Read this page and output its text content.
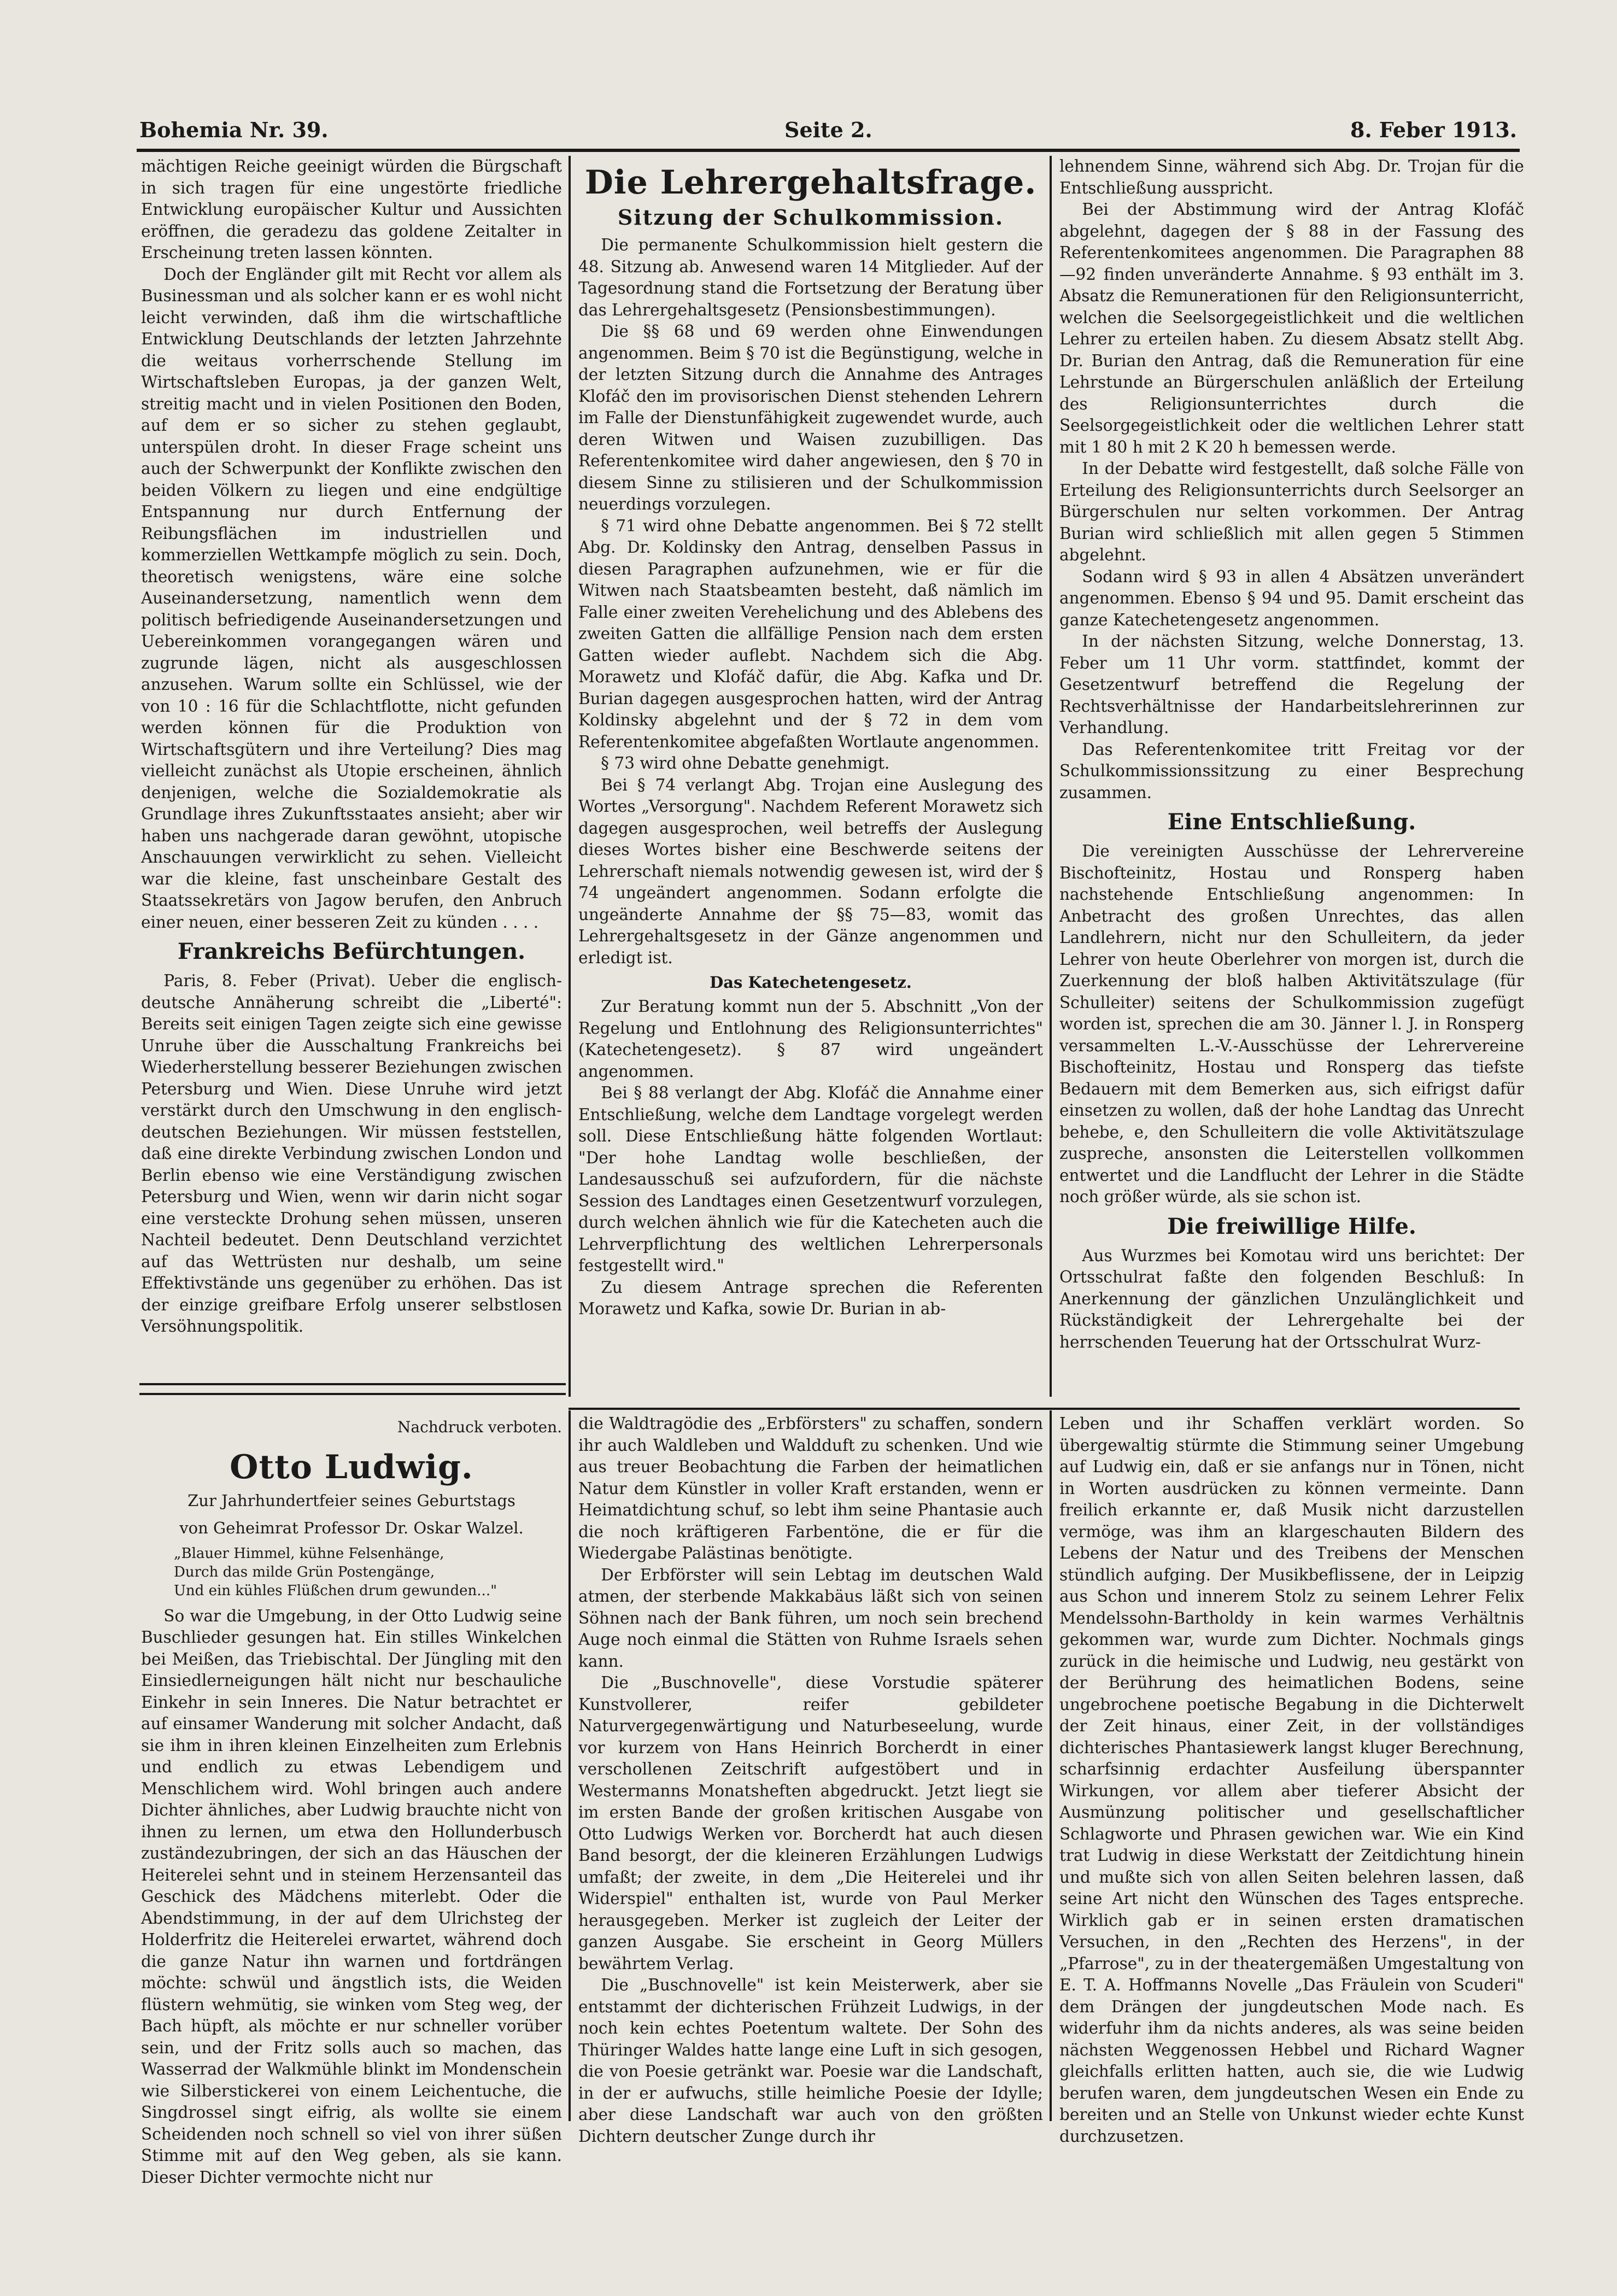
Bohemia Nr. 39.	Seite 2.	8. Feber 1913.

mächtigen Reiche geeinigt würden die Bürgschaft in sich tragen für eine ungestörte friedliche Entwicklung europäischer Kultur und Aussichten eröffnen, die geradezu das goldene Zeitalter in Erscheinung treten lassen könnten.

Doch der Engländer gilt mit Recht vor allem als Businessman und als solcher kann er es wohl nicht leicht verwinden, daß ihm die wirtschaftliche Entwicklung Deutschlands der letzten Jahrzehnte die weitaus vorherrschende Stellung im Wirtschaftsleben Europas, ja der ganzen Welt, streitig macht und in vielen Positionen den Boden, auf dem er so sicher zu stehen geglaubt, unterspülen droht. In dieser Frage scheint uns auch der Schwerpunkt der Konflikte zwischen den beiden Völkern zu liegen und eine endgültige Entspannung nur durch Entfernung der Reibungsflächen im industriellen und kommerziellen Wettkampfe möglich zu sein. Doch, theoretisch wenigstens, wäre eine solche Auseinandersetzung, namentlich wenn dem politisch befriedigende Auseinandersetzungen und Uebereinkommen vorangegangen wären und zugrunde lägen, nicht als ausgeschlossen anzusehen. Warum sollte ein Schlüssel, wie der von 10 : 16 für die Schlachtflotte, nicht gefunden werden können für die Produktion von Wirtschaftsgütern und ihre Verteilung? Dies mag vielleicht zunächst als Utopie erscheinen, ähnlich denjenigen, welche die Sozialdemokratie als Grundlage ihres Zukunftsstaates ansieht; aber wir haben uns nachgerade daran gewöhnt, utopische Anschauungen verwirklicht zu sehen. Vielleicht war die kleine, fast unscheinbare Gestalt des Staatssekretärs von Jagow berufen, den Anbruch einer neuen, einer besseren Zeit zu künden . . . .

Frankreichs Befürchtungen.

Paris, 8. Feber (Privat). Ueber die englisch-deutsche Annäherung schreibt die „Liberté": Bereits seit einigen Tagen zeigte sich eine gewisse Unruhe über die Ausschaltung Frankreichs bei Wiederherstellung besserer Beziehungen zwischen Petersburg und Wien. Diese Unruhe wird jetzt verstärkt durch den Umschwung in den englisch-deutschen Beziehungen. Wir müssen feststellen, daß eine direkte Verbindung zwischen London und Berlin ebenso wie eine Verständigung zwischen Petersburg und Wien, wenn wir darin nicht sogar eine versteckte Drohung sehen müssen, unseren Nachteil bedeutet. Denn Deutschland verzichtet auf das Wettrüsten nur deshalb, um seine Effektivstände uns gegenüber zu erhöhen. Das ist der einzige greifbare Erfolg unserer selbstlosen Versöhnungspolitik.

Die Lehrergehaltsfrage.
Sitzung der Schulkommission.

Die permanente Schulkommission hielt gestern die 48. Sitzung ab. Anwesend waren 14 Mitglieder. Auf der Tagesordnung stand die Fortsetzung der Beratung über das Lehrergehaltsgesetz (Pensionsbestimmungen).

Die §§ 68 und 69 werden ohne Einwendungen angenommen. Beim § 70 ist die Begünstigung, welche in der letzten Sitzung durch die Annahme des Antrages Klofáč den im provisorischen Dienst stehenden Lehrern im Falle der Dienstunfähigkeit zugewendet wurde, auch deren Witwen und Waisen zuzubilligen. Das Referentenkomitee wird daher angewiesen, den § 70 in diesem Sinne zu stilisieren und der Schulkommission neuerdings vorzulegen.

§ 71 wird ohne Debatte angenommen. Bei § 72 stellt Abg. Dr. Koldinsky den Antrag, denselben Passus in diesen Paragraphen aufzunehmen, wie er für die Witwen nach Staatsbeamten besteht, daß nämlich im Falle einer zweiten Verehelichung und des Ablebens des zweiten Gatten die allfällige Pension nach dem ersten Gatten wieder auflebt. Nachdem sich die Abg. Morawetz und Klofáč dafür, die Abg. Kafka und Dr. Burian dagegen ausgesprochen hatten, wird der Antrag Koldinsky abgelehnt und der § 72 in dem vom Referentenkomitee abgefaßten Wortlaute angenommen.

§ 73 wird ohne Debatte genehmigt.

Bei § 74 verlangt Abg. Trojan eine Auslegung des Wortes „Versorgung". Nachdem Referent Morawetz sich dagegen ausgesprochen, weil betreffs der Auslegung dieses Wortes bisher eine Beschwerde seitens der Lehrerschaft niemals notwendig gewesen ist, wird der § 74 ungeändert angenommen. Sodann erfolgte die ungeänderte Annahme der §§ 75—83, womit das Lehrergehaltsgesetz in der Gänze angenommen und erledigt ist.

Das Katechetengesetz.

Zur Beratung kommt nun der 5. Abschnitt „Von der Regelung und Entlohnung des Religionsunterrichtes" (Katechetengesetz). § 87 wird ungeändert angenommen.

Bei § 88 verlangt der Abg. Klofáč die Annahme einer Entschließung, welche dem Landtage vorgelegt werden soll. Diese Entschließung hätte folgenden Wortlaut: "Der hohe Landtag wolle beschließen, der Landesausschuß sei aufzufordern, für die nächste Session des Landtages einen Gesetzentwurf vorzulegen, durch welchen ähnlich wie für die Katecheten auch die Lehrverpflichtung des weltlichen Lehrerpersonals festgestellt wird."

Zu diesem Antrage sprechen die Referenten Morawetz und Kafka, sowie Dr. Burian in ab-

lehnendem Sinne, während sich Abg. Dr. Trojan für die Entschließung ausspricht.

Bei der Abstimmung wird der Antrag Klofáč abgelehnt, dagegen der § 88 in der Fassung des Referentenkomitees angenommen. Die Paragraphen 88—92 finden unveränderte Annahme. § 93 enthält im 3. Absatz die Remunerationen für den Religionsunterricht, welchen die Seelsorgegeistlichkeit und die weltlichen Lehrer zu erteilen haben. Zu diesem Absatz stellt Abg. Dr. Burian den Antrag, daß die Remuneration für eine Lehrstunde an Bürgerschulen anläßlich der Erteilung des Religionsunterrichtes durch die Seelsorgegeistlichkeit oder die weltlichen Lehrer statt mit 1 80 h mit 2 K 20 h bemessen werde.

In der Debatte wird festgestellt, daß solche Fälle von Erteilung des Religionsunterrichts durch Seelsorger an Bürgerschulen nur selten vorkommen. Der Antrag Burian wird schließlich mit allen gegen 5 Stimmen abgelehnt.

Sodann wird § 93 in allen 4 Absätzen unverändert angenommen. Ebenso § 94 und 95. Damit erscheint das ganze Katechetengesetz angenommen.

In der nächsten Sitzung, welche Donnerstag, 13. Feber um 11 Uhr vorm. stattfindet, kommt der Gesetzentwurf betreffend die Regelung der Rechtsverhältnisse der Handarbeitslehrerinnen zur Verhandlung.

Das Referentenkomitee tritt Freitag vor der Schulkommissionssitzung zu einer Besprechung zusammen.

Eine Entschließung.

Die vereinigten Ausschüsse der Lehrervereine Bischofteinitz, Hostau und Ronsperg haben nachstehende Entschließung angenommen: In Anbetracht des großen Unrechtes, das allen Landlehrern, nicht nur den Schulleitern, da jeder Lehrer von heute Oberlehrer von morgen ist, durch die Zuerkennung der bloß halben Aktivitätszulage (für Schulleiter) seitens der Schulkommission zugefügt worden ist, sprechen die am 30. Jänner l. J. in Ronsperg versammelten L.-V.-Ausschüsse der Lehrervereine Bischofteinitz, Hostau und Ronsperg das tiefste Bedauern mit dem Bemerken aus, sich eifrigst dafür einsetzen zu wollen, daß der hohe Landtag das Unrecht behebe, e, den Schulleitern die volle Aktivitätszulage zuspreche, ansonsten die Leiterstellen vollkommen entwertet und die Landflucht der Lehrer in die Städte noch größer würde, als sie schon ist.

Die freiwillige Hilfe.

Aus Wurzmes bei Komotau wird uns berichtet: Der Ortsschulrat faßte den folgenden Beschluß: In Anerkennung der gänzlichen Unzulänglichkeit und Rückständigkeit der Lehrergehalte bei der herrschenden Teuerung hat der Ortsschulrat Wurz-

Nachdruck verboten.
Otto Ludwig.
Zur Jahrhundertfeier seines Geburtstags
von Geheimrat Professor Dr. Oskar Walzel.
„Blauer Himmel, kühne Felsenhänge,
Durch das milde Grün Postengänge,
Und ein kühles Flüßchen drum gewunden..."

So war die Umgebung, in der Otto Ludwig seine Buschlieder gesungen hat. Ein stilles Winkelchen bei Meißen, das Triebischtal. Der Jüngling mit den Einsiedlerneigungen hält nicht nur beschauliche Einkehr in sein Inneres. Die Natur betrachtet er auf einsamer Wanderung mit solcher Andacht, daß sie ihm in ihren kleinen Einzelheiten zum Erlebnis und endlich zu etwas Lebendigem und Menschlichem wird. Wohl bringen auch andere Dichter ähnliches, aber Ludwig brauchte nicht von ihnen zu lernen, um etwa den Hollunderbusch zuständezubringen, der sich an das Häuschen der Heiterelei sehnt und in steinem Herzensanteil das Geschick des Mädchens miterlebt. Oder die Abendstimmung, in der auf dem Ulrichsteg der Holderfritz die Heiterelei erwartet, während doch die ganze Natur ihn warnen und fortdrängen möchte: schwül und ängstlich ists, die Weiden flüstern wehmütig, sie winken vom Steg weg, der Bach hüpft, als möchte er nur schneller vorüber sein, und der Fritz solls auch so machen, das Wasserrad der Walkmühle blinkt im Mondenschein wie Silberstickerei von einem Leichentuche, die Singdrossel singt eifrig, als wollte sie einem Scheidenden noch schnell so viel von ihrer süßen Stimme mit auf den Weg geben, als sie kann. Dieser Dichter vermochte nicht nur

die Waldtragödie des „Erbförsters" zu schaffen, sondern ihr auch Waldleben und Waldduft zu schenken. Und wie aus treuer Beobachtung die Farben der heimatlichen Natur dem Künstler in voller Kraft erstanden, wenn er Heimatdichtung schuf, so lebt ihm seine Phantasie auch die noch kräftigeren Farbentöne, die er für die Wiedergabe Palästinas benötigte.

Der Erbförster will sein Lebtag im deutschen Wald atmen, der sterbende Makkabäus läßt sich von seinen Söhnen nach der Bank führen, um noch sein brechend Auge noch einmal die Stätten von Ruhme Israels sehen kann.

Die „Buschnovelle", diese Vorstudie späterer Kunstvollerer, reifer gebildeter Naturvergegenwärtigung und Naturbeseelung, wurde vor kurzem von Hans Heinrich Borcherdt in einer verschollenen Zeitschrift aufgestöbert und in Westermanns Monatsheften abgedruckt. Jetzt liegt sie im ersten Bande der großen kritischen Ausgabe von Otto Ludwigs Werken vor. Borcherdt hat auch diesen Band besorgt, der die kleineren Erzählungen Ludwigs umfaßt; der zweite, in dem „Die Heiterelei und ihr Widerspiel" enthalten ist, wurde von Paul Merker herausgegeben. Merker ist zugleich der Leiter der ganzen Ausgabe. Sie erscheint in Georg Müllers bewährtem Verlag.

Die „Buschnovelle" ist kein Meisterwerk, aber sie entstammt der dichterischen Frühzeit Ludwigs, in der noch kein echtes Poetentum waltete. Der Sohn des Thüringer Waldes hatte lange eine Luft in sich gesogen, die von Poesie getränkt war. Poesie war die Landschaft, in der er aufwuchs, stille heimliche Poesie der Idylle; aber diese Landschaft war auch von den größten Dichtern deutscher Zunge durch ihr

Leben und ihr Schaffen verklärt worden. So übergewaltig stürmte die Stimmung seiner Umgebung auf Ludwig ein, daß er sie anfangs nur in Tönen, nicht in Worten ausdrücken zu können vermeinte. Dann freilich erkannte er, daß Musik nicht darzustellen vermöge, was ihm an klargeschauten Bildern des Lebens der Natur und des Treibens der Menschen stündlich aufging. Der Musikbeflissene, der in Leipzig aus Schon und innerem Stolz zu seinem Lehrer Felix Mendelssohn-Bartholdy in kein warmes Verhältnis gekommen war, wurde zum Dichter. Nochmals gings zurück in die heimische und Ludwig, neu gestärkt von der Berührung des heimatlichen Bodens, seine ungebrochene poetische Begabung in die Dichterwelt der Zeit hinaus, einer Zeit, in der vollständiges dichterisches Phantasiewerk langst kluger Berechnung, scharfsinnig erdachter Ausfeilung überspannter Wirkungen, vor allem aber tieferer Absicht der Ausmünzung politischer und gesellschaftlicher Schlagworte und Phrasen gewichen war. Wie ein Kind trat Ludwig in diese Werkstatt der Zeitdichtung hinein und mußte sich von allen Seiten belehren lassen, daß seine Art nicht den Wünschen des Tages entspreche. Wirklich gab er in seinen ersten dramatischen Versuchen, in den „Rechten des Herzens", in der „Pfarrose", zu in der theatergemäßen Umgestaltung von E. T. A. Hoffmanns Novelle „Das Fräulein von Scuderi" dem Drängen der jungdeutschen Mode nach. Es widerfuhr ihm da nichts anderes, als was seine beiden nächsten Weggenossen Hebbel und Richard Wagner gleichfalls erlitten hatten, auch sie, die wie Ludwig berufen waren, dem jungdeutschen Wesen ein Ende zu bereiten und an Stelle von Unkunst wieder echte Kunst durchzusetzen.
